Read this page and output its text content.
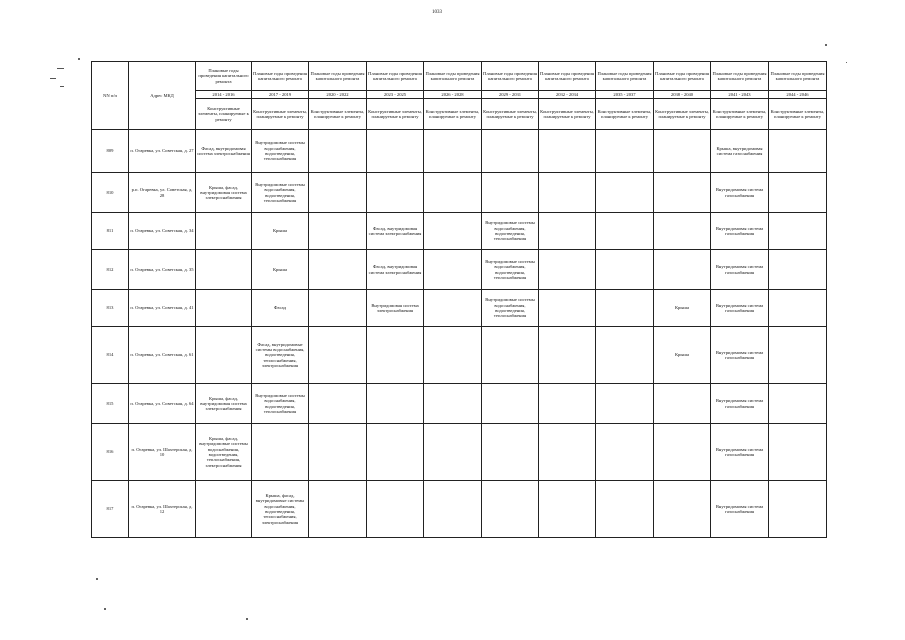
1033
NN п/п	Адрес МКД	Плановые годы проведения капитального ремонта	Плановые годы проведения капитального ремонта	Плановые годы проведения капитального ремонта	Плановые годы проведения капитального ремонта	Плановые годы проведения капитального ремонта	Плановые годы проведения капитального ремонта	Плановые годы проведения капитального ремонта	Плановые годы проведения капитального ремонта	Плановые годы проведения капитального ремонта	Плановые годы проведения капитального ремонта	Плановые годы проведения капитального ремонта
		2014 - 2016	2017 - 2019	2020 - 2022	2023 - 2025	2026 - 2028	2029 - 2031	2032 - 2034	2035 - 2037	2038 - 2040	2041 - 2043	2044 - 2046
		Конструктивные элементы, планируемые к ремонту	Конструктивные элементы, планируемые к ремонту	Конструктивные элементы, планируемые к ремонту	Конструктивные элементы, планируемые к ремонту	Конструктивные элементы, планируемые к ремонту	Конструктивные элементы, планируемые к ремонту	Конструктивные элементы, планируемые к ремонту	Конструктивные элементы, планируемые к ремонту	Конструктивные элементы, планируемые к ремонту	Конструктивные элементы, планируемые к ремонту	Конструктивные элементы, планируемые к ремонту
809	п. Огаревка, ул. Советская, д. 27	Фасад, внутридомовая система электроснабжения	Внутридомовые системы водоснабжения, водоотведения, теплоснабжения								Крыша, внутридомовая система газоснабжения	
810	р.п. Огаревка, ул. Советская, д. 28	Крыша, фасад, внутридомовая система электроснабжения	Внутридомовые системы водоснабжения, водоотведения, теплоснабжения								Внутридомовая система газоснабжения	
811	п. Огаревка, ул. Советская, д. 34		Крыша		Фасад, внутридомовая система электроснабжения		Внутридомовые системы водоснабжения, водоотведения, теплоснабжения				Внутридомовая система газоснабжения	
812	п. Огаревка, ул. Советская, д. 35		Крыша		Фасад, внутридомовая система электроснабжения		Внутридомовые системы водоснабжения, водоотведения, теплоснабжения				Внутридомовая система газоснабжения	
813	п. Огаревка, ул. Советская, д. 41		Фасад		Внутридомовая система электроснабжения		Внутридомовые системы водоснабжения, водоотведения, теплоснабжения			Крыша	Внутридомовая система газоснабжения	
814	п. Огаревка, ул. Советская, д. 61		Фасад, внутридомовые системы водоснабжения, водоотведения, теплоснабжения, электроснабжения							Крыша	Внутридомовая система газоснабжения	
815	п. Огаревка, ул. Советская, д. 64	Крыша, фасад, внутридомовая система электроснабжения	Внутридомовые системы водоснабжения, водоотведения, теплоснабжения								Внутридомовая система газоснабжения	
816	п. Огаревка, ул. Шахтерская, д. 10	Крыша, фасад, внутридомовые системы водоснабжения, водоотведения, теплоснабжения, электроснабжения									Внутридомовая система газоснабжения	
817	п. Огаревка, ул. Шахтерская, д. 12		Крыша, фасад, внутридомовые системы водоснабжения, водоотведения, теплоснабжения, электроснабжения								Внутридомовая система газоснабжения	
